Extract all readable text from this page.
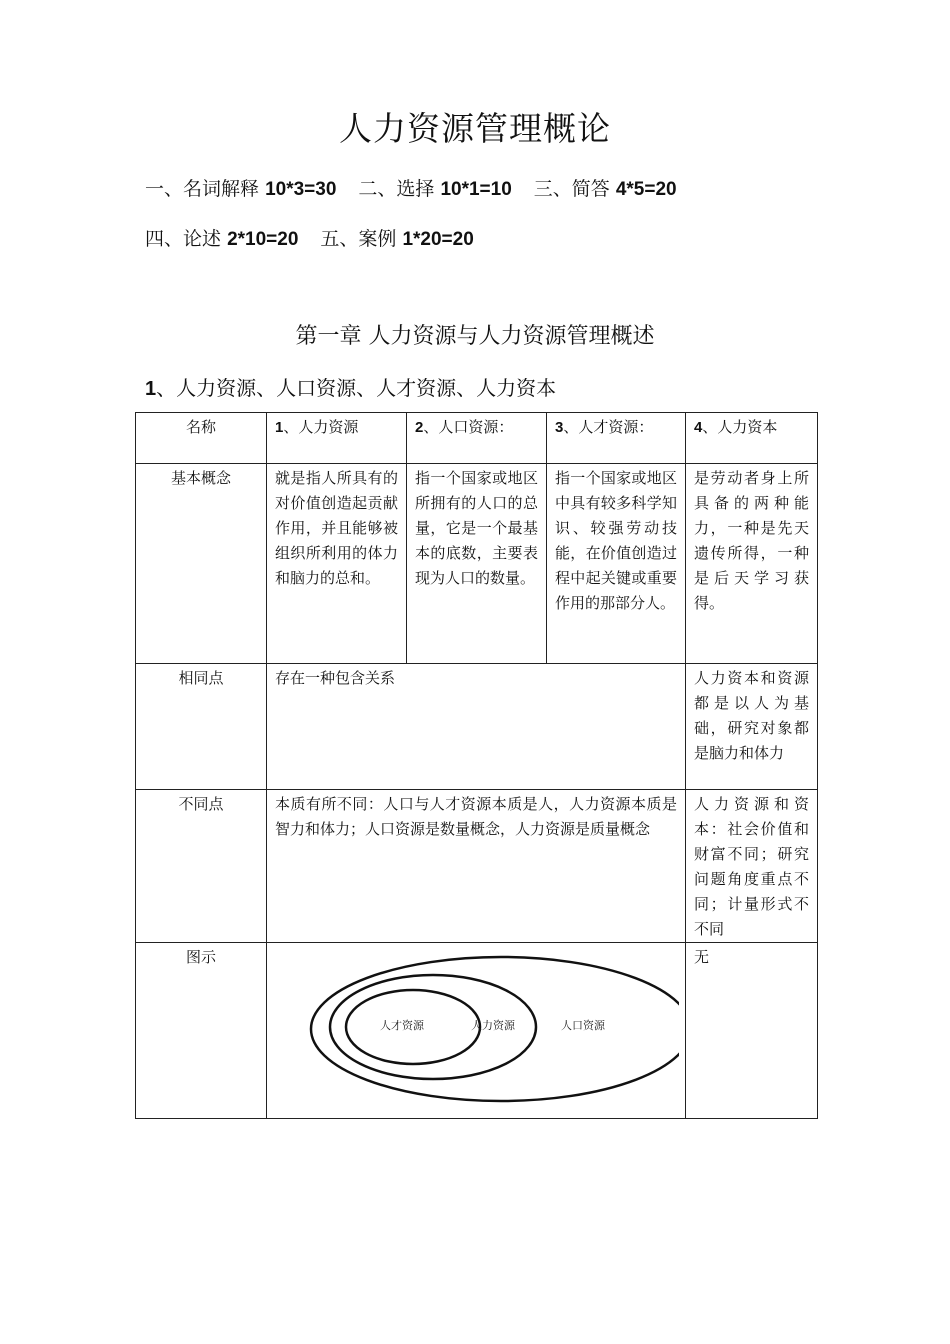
人力资源管理概论
一、名词解释 10*3=30 二、选择 10*1=10 三、简答 4*5=20
四、论述 2*10=20 五、案例 1*20=20
第一章 人力资源与人力资源管理概述
1、人力资源、人口资源、人才资源、人力资本
名称	1、人力资源	2、人口资源：	3、人才资源：	4、人力资本
基本概念	就是指人所具有的对价值创造起贡献作用，并且能够被组织所利用的体力和脑力的总和。	指一个国家或地区所拥有的人口的总量，它是一个最基本的底数，主要表现为人口的数量。	指一个国家或地区中具有较多科学知识、较强劳动技能，在价值创造过程中起关键或重要作用的那部分人。	是劳动者身上所具备的两种能力，一种是先天遗传所得，一种是后天学习获得。
相同点	存在一种包含关系			人力资本和资源都是以人为基础，研究对象都是脑力和体力
不同点	本质有所不同：人口与人才资源本质是人，人力资源本质是智力和体力；人口资源是数量概念，人力资源是质量概念			人力资源和资本：社会价值和财富不同；研究问题角度重点不同；计量形式不不同
图示	人才资源 人力资源 人口资源			无
